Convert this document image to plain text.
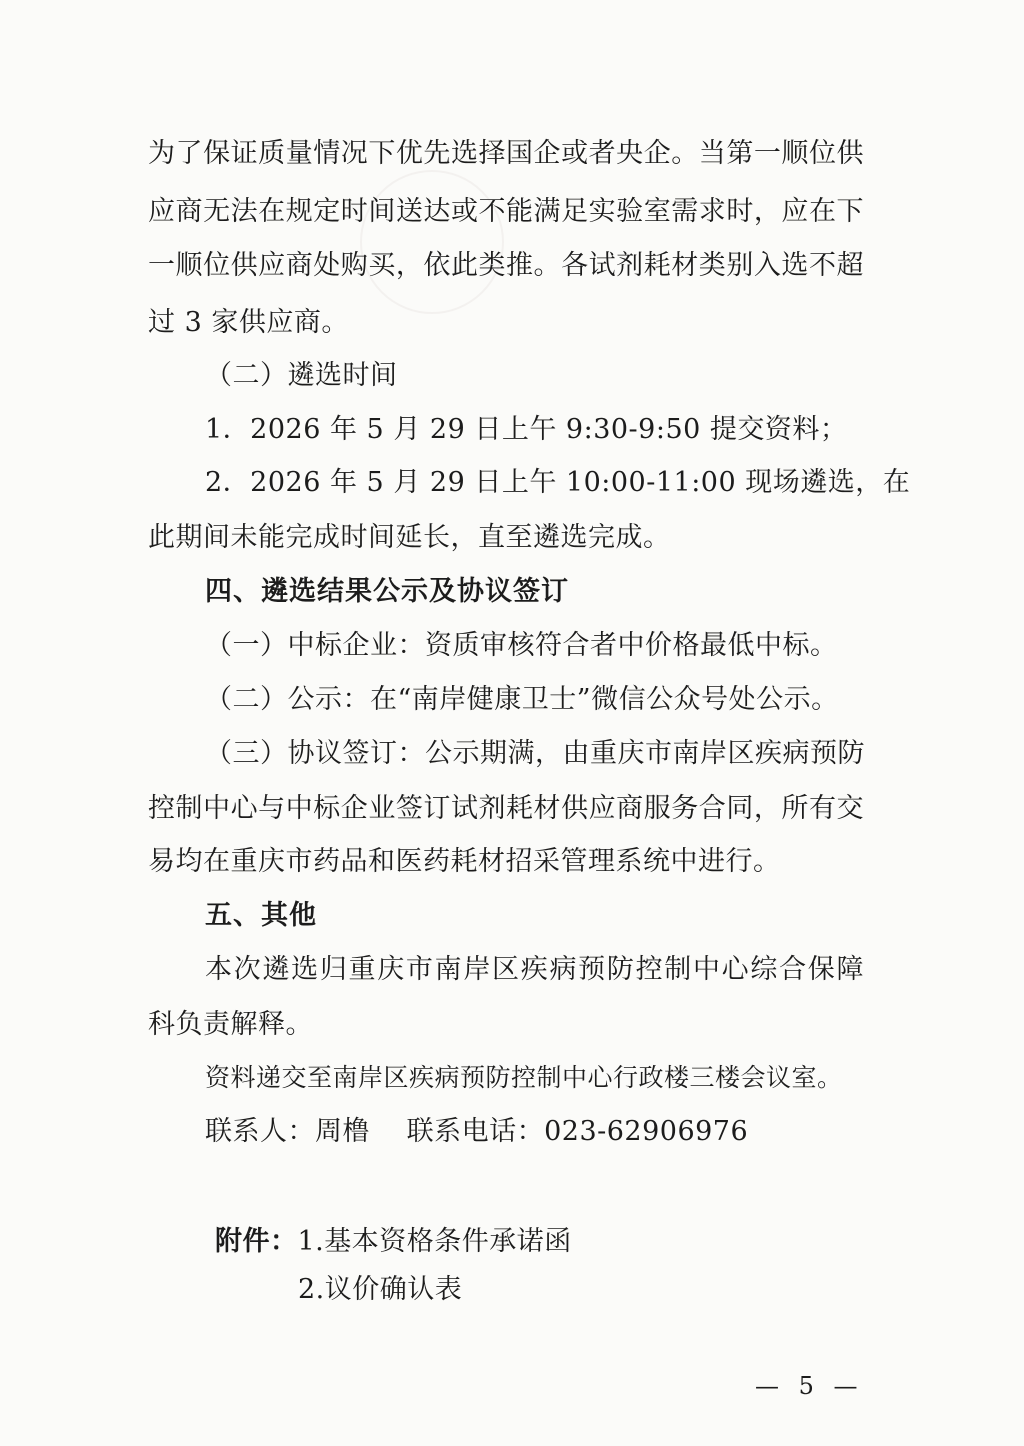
为了保证质量情况下优先选择国企或者央企。当第一顺位供
应商无法在规定时间送达或不能满足实验室需求时，应在下
一顺位供应商处购买，依此类推。各试剂耗材类别入选不超
过 3 家供应商。
（二）遴选时间
1．2026 年 5 月 29 日上午 9:30-9:50 提交资料；
2．2026 年 5 月 29 日上午 10:00-11:00 现场遴选，在
此期间未能完成时间延长，直至遴选完成。
四、遴选结果公示及协议签订
（一）中标企业：资质审核符合者中价格最低中标。
（二）公示：在“南岸健康卫士”微信公众号处公示。
（三）协议签订：公示期满，由重庆市南岸区疾病预防
控制中心与中标企业签订试剂耗材供应商服务合同，所有交
易均在重庆市药品和医药耗材招采管理系统中进行。
五、其他
本次遴选归重庆市南岸区疾病预防控制中心综合保障
科负责解释。
资料递交至南岸区疾病预防控制中心行政楼三楼会议室。
联系人：周橹　 联系电话：023-62906976
附件：1.基本资格条件承诺函
2.议价确认表
— 5 —
